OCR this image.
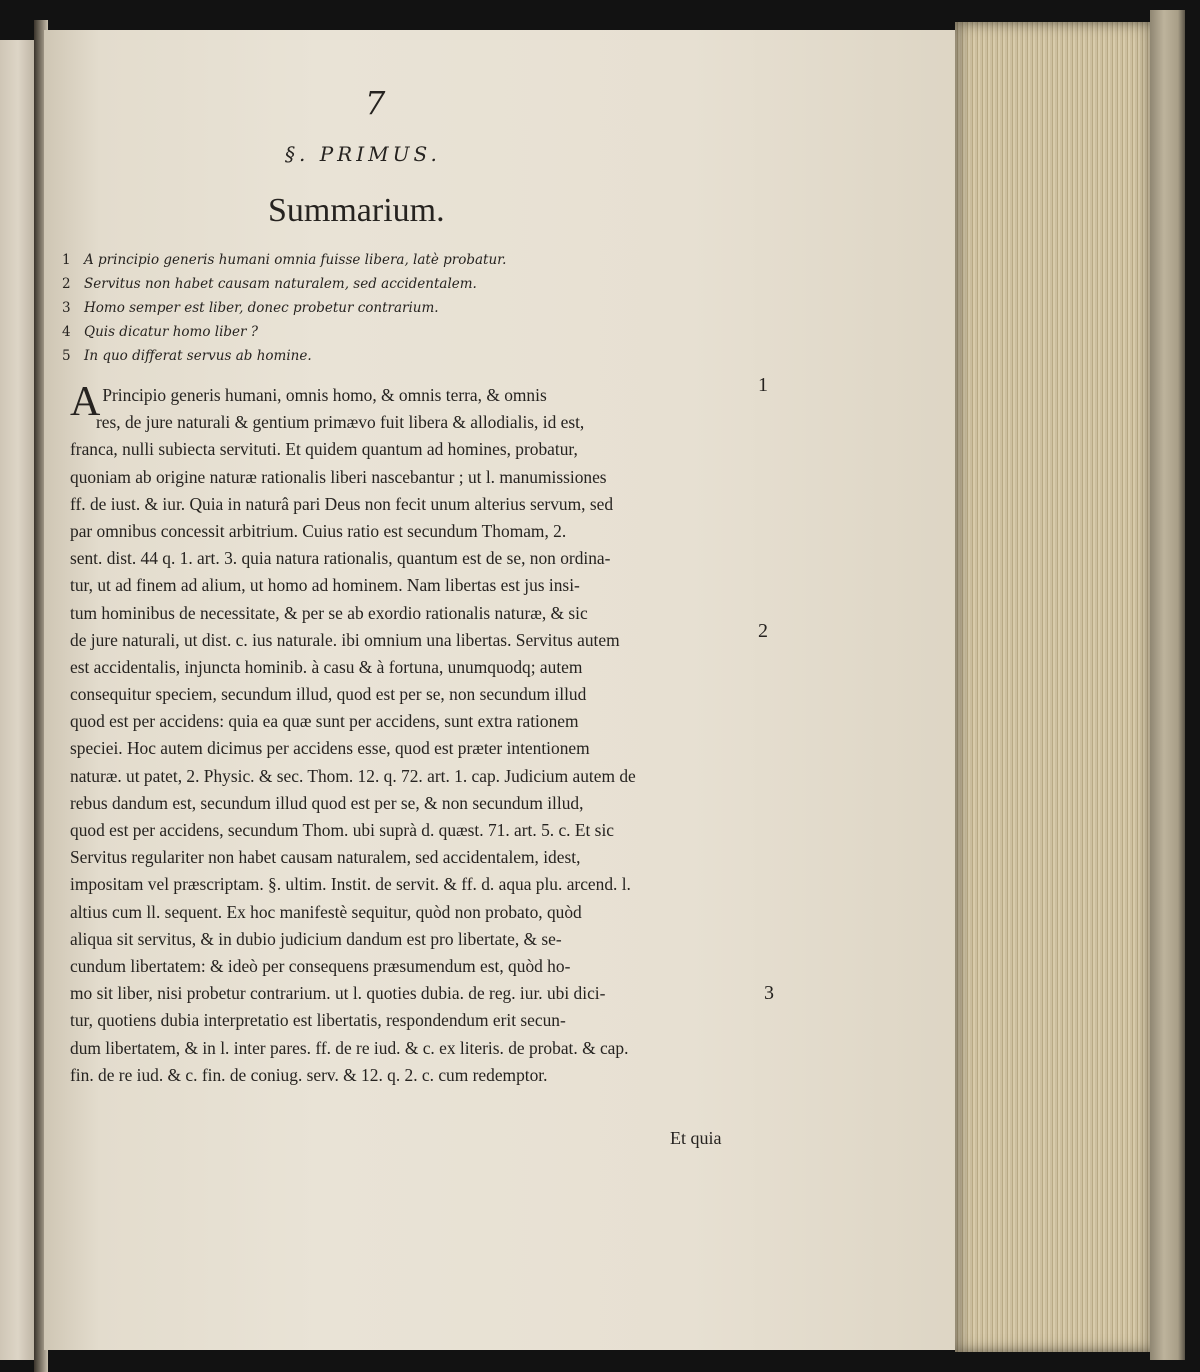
7
§. PRIMUS.
Summarium.
1 A principio generis humani omnia fuisse libera, latè probatur.
2 Servitus non habet causam naturalem, sed accidentalem.
3 Homo semper est liber, donec probetur contrarium.
4 Quis dicatur homo liber ?
5 In quo differat servus ab homine.
A Principio generis humani, omnis homo, & omnis terra, & omnis
res, de jure naturali & gentium primævo fuit libera & allodialis, id est,
franca, nulli subiecta servituti. Et quidem quantum ad homines, probatur,
quoniam ab origine naturæ rationalis liberi nascebantur ; ut l. manumissiones
ff. de iust. & iur. Quia in naturâ pari Deus non fecit unum alterius servum, sed
par omnibus concessit arbitrium. Cuius ratio est secundum Thomam, 2.
sent. dist. 44 q. 1. art. 3. quia natura rationalis, quantum est de se, non ordina-
tur, ut ad finem ad alium, ut homo ad hominem. Nam libertas est jus insi-
tum hominibus de necessitate, & per se ab exordio rationalis naturæ, & sic
de jure naturali, ut dist. c. ius naturale. ibi omnium una libertas. Servitus autem
est accidentalis, injuncta hominib. à casu & à fortuna, unumquodq; autem
consequitur speciem, secundum illud, quod est per se, non secundum illud
quod est per accidens: quia ea quæ sunt per accidens, sunt extra rationem
speciei. Hoc autem dicimus per accidens esse, quod est præter intentionem
naturæ. ut patet, 2. Physic. & sec. Thom. 12. q. 72. art. 1. cap. Judicium autem de
rebus dandum est, secundum illud quod est per se, & non secundum illud,
quod est per accidens, secundum Thom. ubi suprà d. quæst. 71. art. 5. c. Et sic
Servitus regulariter non habet causam naturalem, sed accidentalem, idest,
impositam vel præscriptam. §. ultim. Instit. de servit. & ff. d. aqua plu. arcend. l.
altius cum ll. sequent. Ex hoc manifestè sequitur, quòd non probato, quòd
aliqua sit servitus, & in dubio judicium dandum est pro libertate, & se-
cundum libertatem: & ideò per consequens præsumendum est, quòd ho-
mo sit liber, nisi probetur contrarium. ut l. quoties dubia. de reg. iur. ubi dici-
tur, quotiens dubia interpretatio est libertatis, respondendum erit secun-
dum libertatem, & in l. inter pares. ff. de re iud. & c. ex literis. de probat. & cap.
fin. de re iud. & c. fin. de coniug. serv. & 12. q. 2. c. cum redemptor.
1
2
3
Et quia
